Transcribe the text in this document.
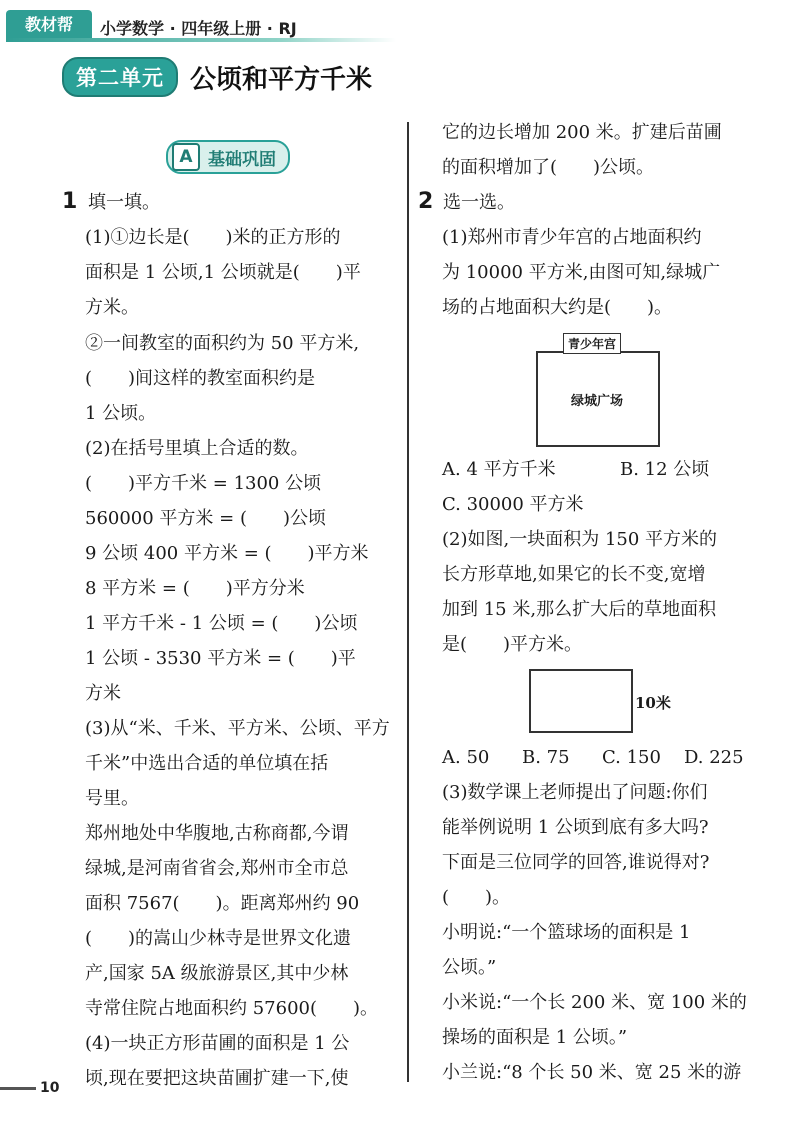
教材帮	小学数学 · 四年级上册 · RJ
第二单元	公顷和平方千米
A 基础巩固
1 填一填。
(1)①边长是(　　)米的正方形的
面积是 1 公顷,1 公顷就是(　　)平
方米。
②一间教室的面积约为 50 平方米,
(　　)间这样的教室面积约是
1 公顷。
(2)在括号里填上合适的数。
(　　)平方千米 = 1300 公顷
560000 平方米 = (　　)公顷
9 公顷 400 平方米 = (　　)平方米
8 平方米 = (　　)平方分米
1 平方千米 - 1 公顷 = (　　)公顷
1 公顷 - 3530 平方米 = (　　)平
方米
(3)从“米、千米、平方米、公顷、平方
千米”中选出合适的单位填在括
号里。
郑州地处中华腹地,古称商都,今谓
绿城,是河南省省会,郑州市全市总
面积 7567(　　)。距离郑州约 90
(　　)的嵩山少林寺是世界文化遗
产,国家 5A 级旅游景区,其中少林
寺常住院占地面积约 57600(　　)。
(4)一块正方形苗圃的面积是 1 公
顷,现在要把这块苗圃扩建一下,使
它的边长增加 200 米。扩建后苗圃
的面积增加了(　　)公顷。
2 选一选。
(1)郑州市青少年宫的占地面积约
为 10000 平方米,由图可知,绿城广
场的占地面积大约是(　　)。
青少年宫
绿城广场
A. 4 平方千米	B. 12 公顷
C. 30000 平方米
(2)如图,一块面积为 150 平方米的
长方形草地,如果它的长不变,宽增
加到 15 米,那么扩大后的草地面积
是(　　)平方米。
10米
A. 50 B. 75 C. 150 D. 225
(3)数学课上老师提出了问题:你们
能举例说明 1 公顷到底有多大吗?
下面是三位同学的回答,谁说得对?
(　　)。
小明说:“一个篮球场的面积是 1
公顷。”
小米说:“一个长 200 米、宽 100 米的
操场的面积是 1 公顷。”
小兰说:“8 个长 50 米、宽 25 米的游
10
